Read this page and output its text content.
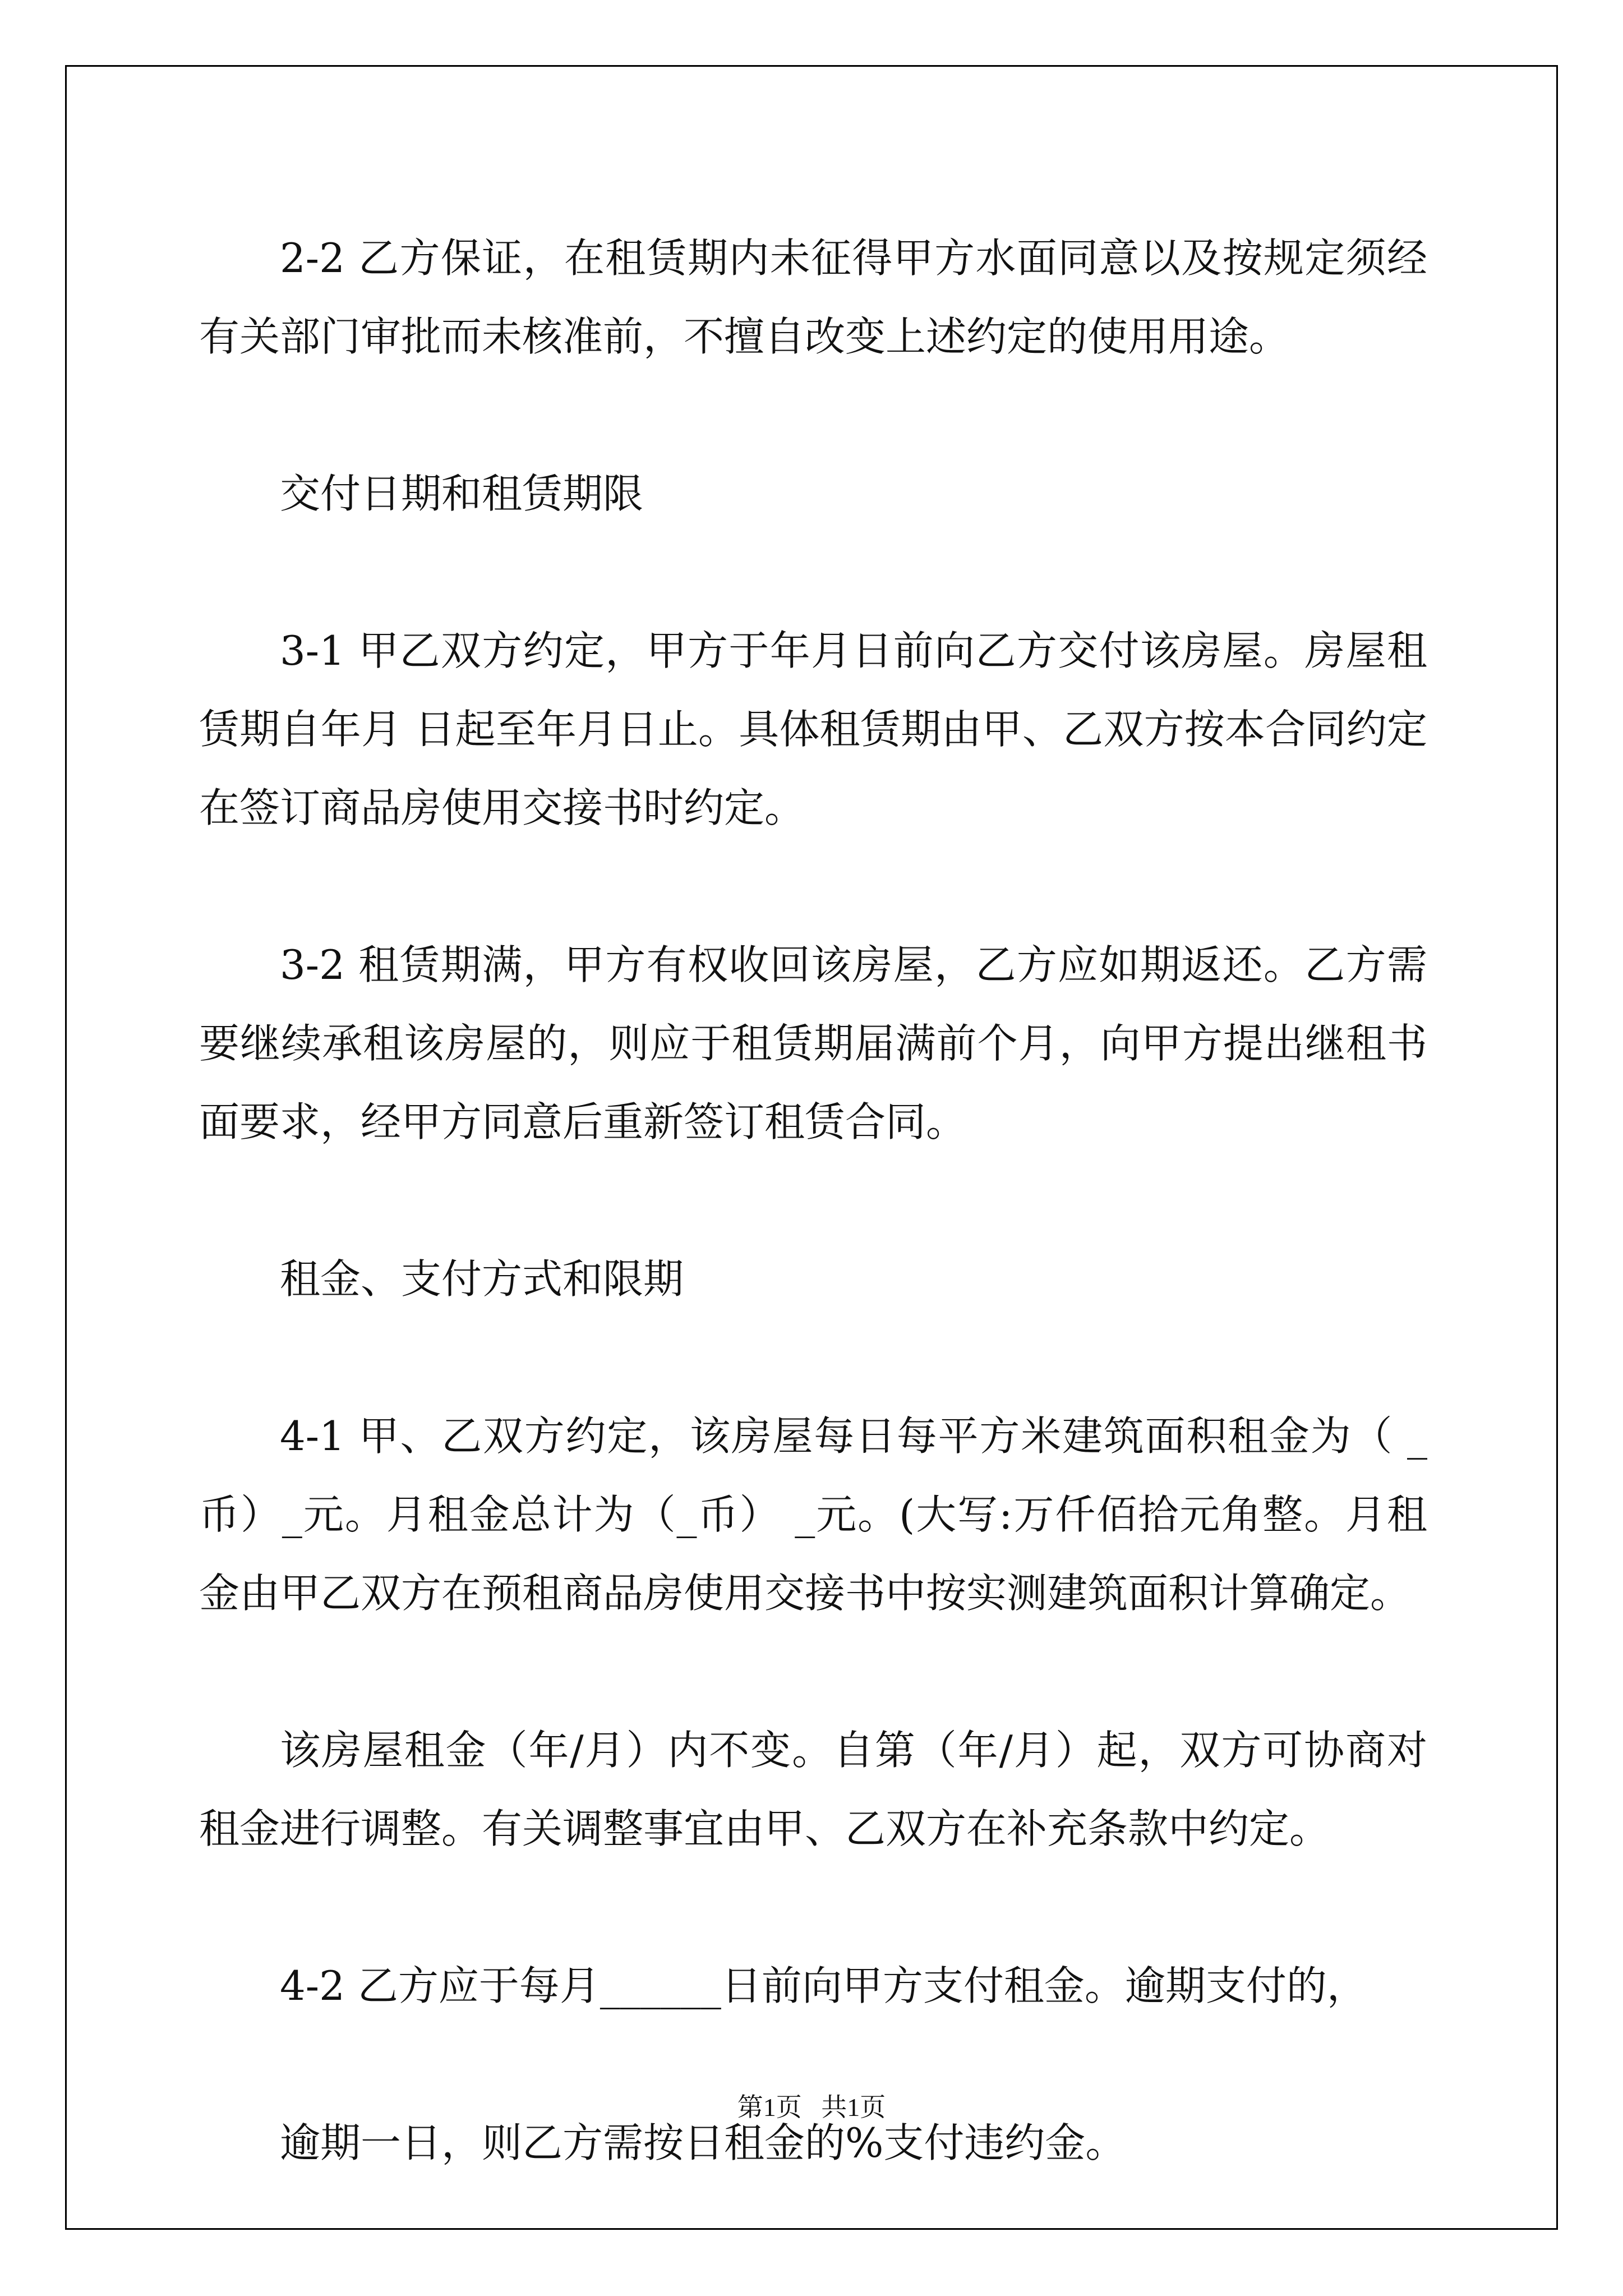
2-2 乙方保证，在租赁期内未征得甲方水面同意以及按规定须经有关部门审批而未核准前，不擅自改变上述约定的使用用途。

交付日期和租赁期限

3-1 甲乙双方约定，甲方于年月日前向乙方交付该房屋。房屋租赁期自年月 日起至年月日止。具体租赁期由甲、乙双方按本合同约定在签订商品房使用交接书时约定。

3-2 租赁期满，甲方有权收回该房屋，乙方应如期返还。乙方需要继续承租该房屋的，则应于租赁期届满前个月，向甲方提出继租书面要求，经甲方同意后重新签订租赁合同。

租金、支付方式和限期

4-1 甲、乙双方约定，该房屋每日每平方米建筑面积租金为（ _币）_元。月租金总计为（_币） _元。(大写:万仟佰拾元角整。月租金由甲乙双方在预租商品房使用交接书中按实测建筑面积计算确定。

该房屋租金（年/月）内不变。自第（年/月）起，双方可协商对租金进行调整。有关调整事宜由甲、乙双方在补充条款中约定。

4-2 乙方应于每月______日前向甲方支付租金。逾期支付的，

逾期一日，则乙方需按日租金的%支付违约金。

第1页   共1页
